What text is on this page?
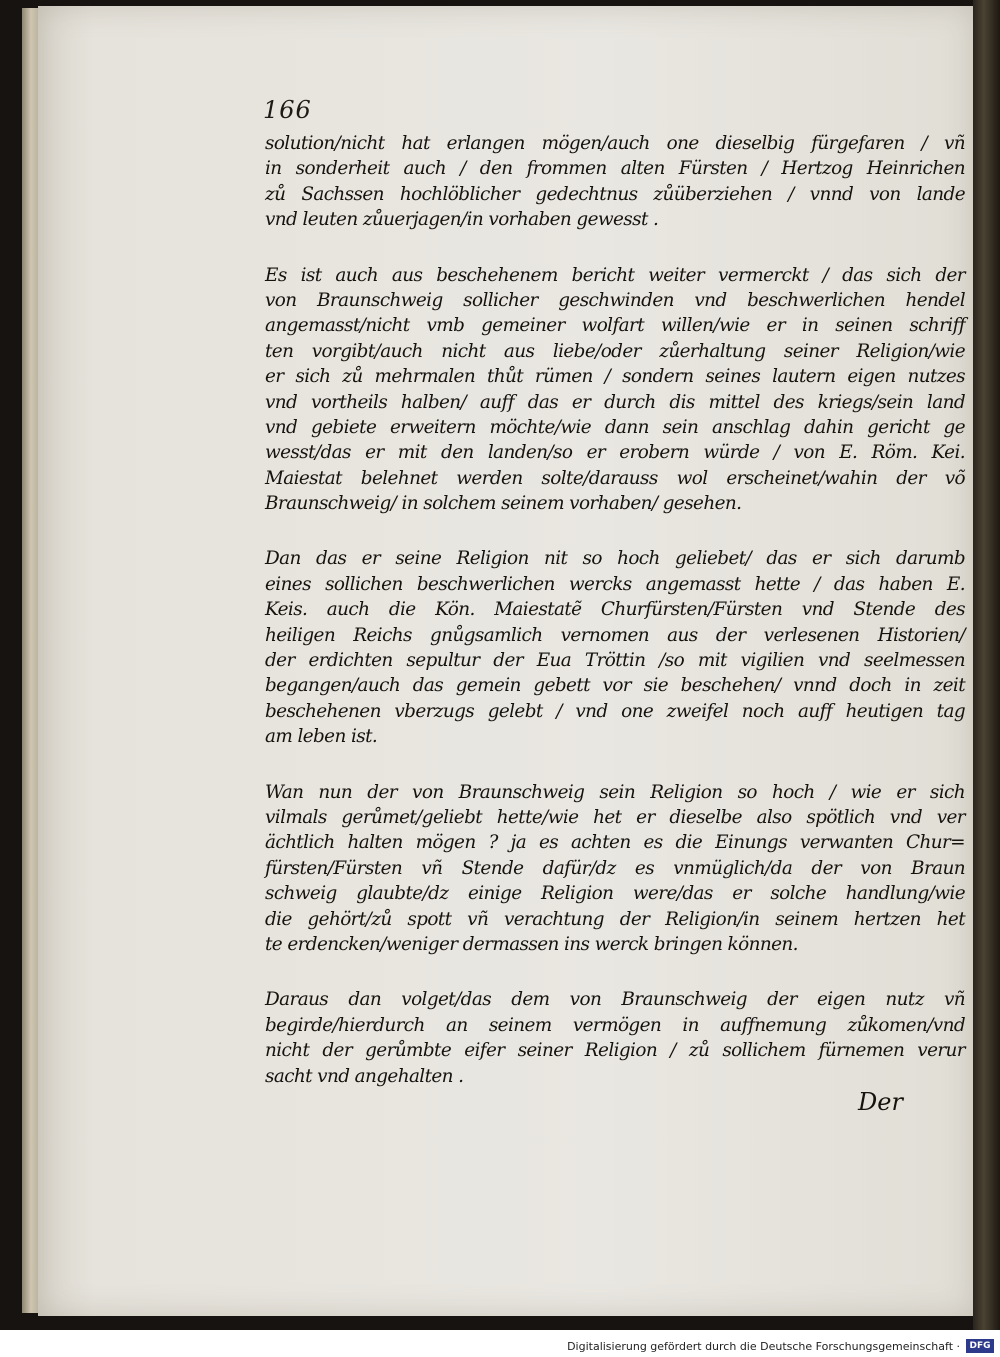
166

solution/nicht hat erlangen mögen/auch one dieselbig fürgefaren / vñ
in sonderheit auch / den frommen alten Fürsten / Hertzog Heinrichen
zů Sachssen hochlöblicher gedechtnus zůüberziehen / vnnd von lande
vnd leuten zůuerjagen/in vorhaben gewesst .

Es ist auch aus beschehenem bericht weiter vermerckt / das sich der
von Braunschweig sollicher geschwinden vnd beschwerlichen hendel
angemasst/nicht vmb gemeiner wolfart willen/wie er in seinen schriff
ten vorgibt/auch nicht aus liebe/oder zůerhaltung seiner Religion/wie
er sich zů mehrmalen thůt rümen / sondern seines lautern eigen nutzes
vnd vortheils halben/ auff das er durch dis mittel des kriegs/sein land
vnd gebiete erweitern möchte/wie dann sein anschlag dahin gericht ge
wesst/das er mit den landen/so er erobern würde / von E. Röm. Kei.
Maiestat belehnet werden solte/darauss wol erscheinet/wahin der võ
Braunschweig/ in solchem seinem vorhaben/ gesehen.

Dan das er seine Religion nit so hoch geliebet/ das er sich darumb
eines sollichen beschwerlichen wercks angemasst hette / das haben E.
Keis. auch die Kön. Maiestatẽ Churfürsten/Fürsten vnd Stende des
heiligen Reichs gnůgsamlich vernomen aus der verlesenen Historien/
der erdichten sepultur der Eua Tröttin /so mit vigilien vnd seelmessen
begangen/auch das gemein gebett vor sie beschehen/ vnnd doch in zeit
beschehenen vberzugs gelebt / vnd one zweifel noch auff heutigen tag
am leben ist.

Wan nun der von Braunschweig sein Religion so hoch / wie er sich
vilmals gerůmet/geliebt hette/wie het er dieselbe also spötlich vnd ver
ächtlich halten mögen ? ja es achten es die Einungs verwanten Chur=
fürsten/Fürsten vñ Stende dafür/dz es vnmüglich/da der von Braun
schweig glaubte/dz einige Religion were/das er solche handlung/wie
die gehört/zů spott vñ verachtung der Religion/in seinem hertzen het
te erdencken/weniger dermassen ins werck bringen können.

Daraus dan volget/das dem von Braunschweig der eigen nutz vñ
begirde/hierdurch an seinem vermögen in auffnemung zůkomen/vnd
nicht der gerůmbte eifer seiner Religion / zů sollichem fürnemen verur
sacht vnd angehalten .

Der
Digitalisierung gefördert durch die Deutsche Forschungsgemeinschaft ·	DFG
